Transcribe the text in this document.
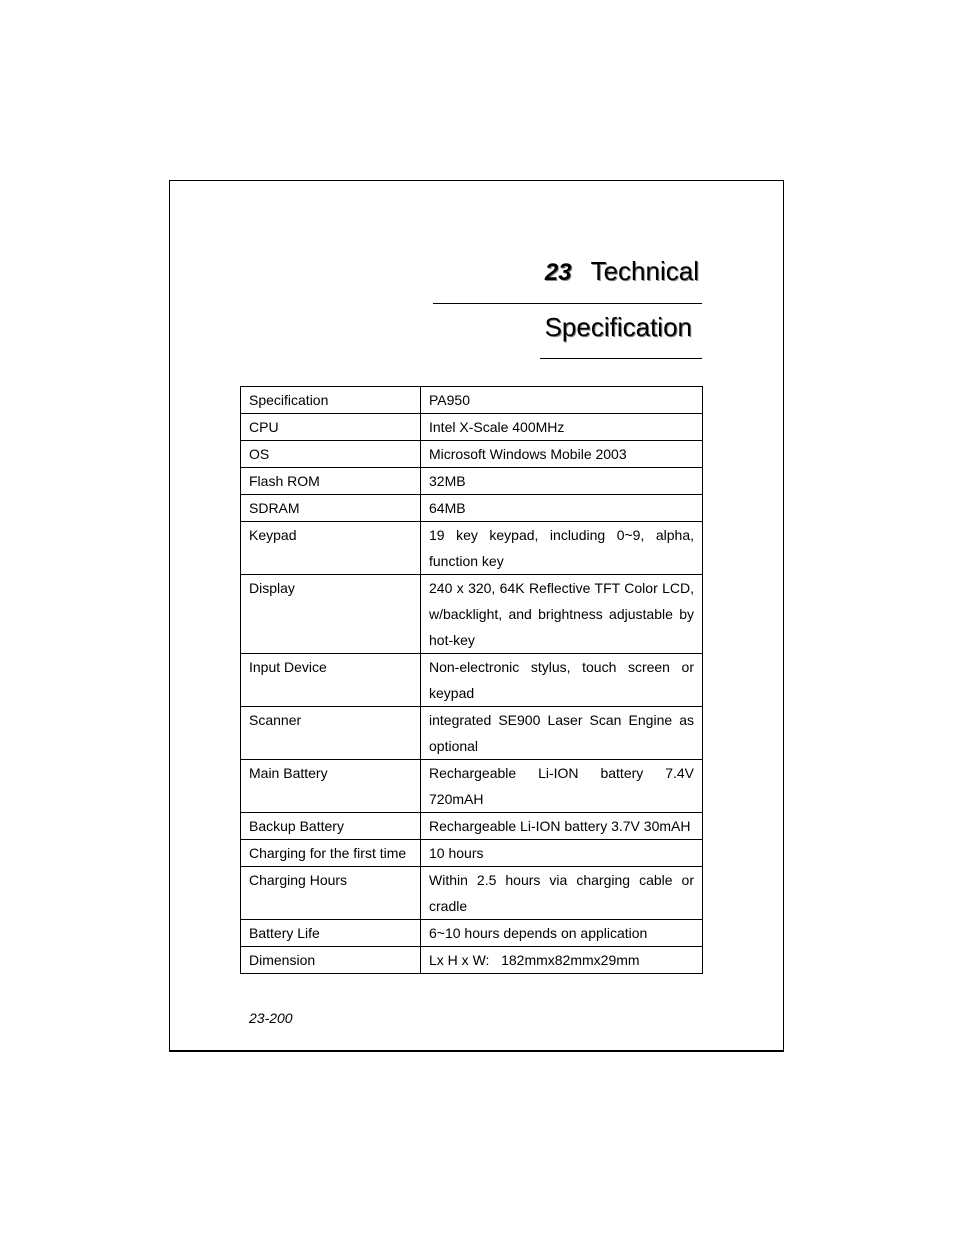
23 Technical
Specification
Specification	PA950
CPU	Intel X-Scale 400MHz
OS	Microsoft Windows Mobile 2003
Flash ROM	32MB
SDRAM	64MB
Keypad	19 key keypad, including 0~9, alpha, function key
Display	240 x 320, 64K Reflective TFT Color LCD, w/backlight, and brightness adjustable by hot-key
Input Device	Non-electronic stylus, touch screen or keypad
Scanner	integrated SE900 Laser Scan Engine as optional
Main Battery	Rechargeable Li-ION battery 7.4V 720mAH
Backup Battery	Rechargeable Li-ION battery 3.7V 30mAH
Charging for the first time	10 hours
Charging Hours	Within 2.5 hours via charging cable or cradle
Battery Life	6~10 hours depends on application
Dimension	Lx H x W:   182mmx82mmx29mm
23-200
